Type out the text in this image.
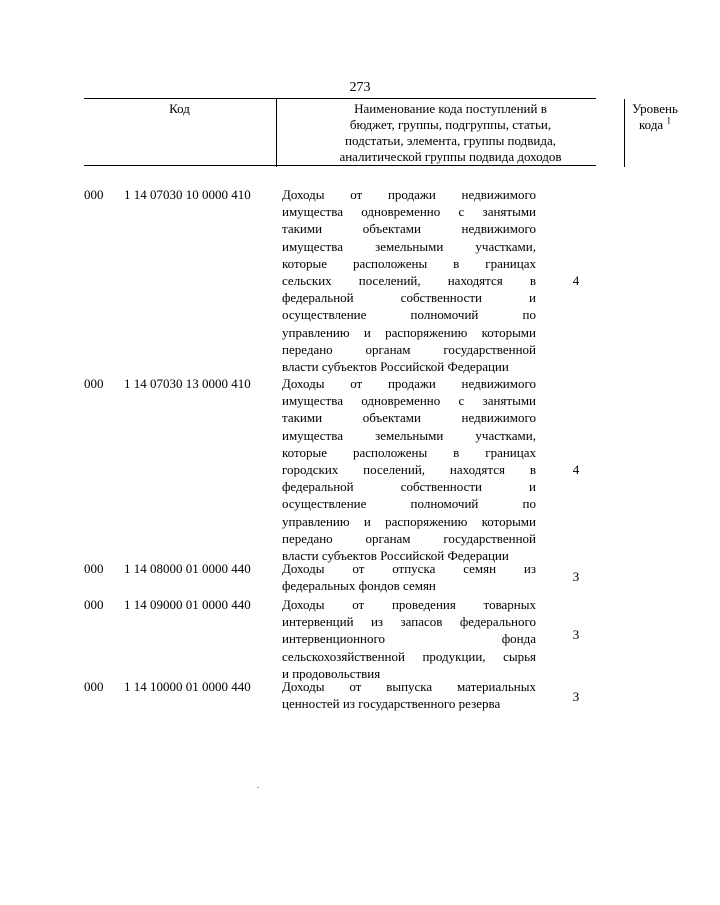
273
Код	Наименование кода поступлений в
бюджет, группы, подгруппы, статьи,
подстатьи, элемента, группы подвида,
аналитической группы подвида доходов
Уровень
кода $^1$
000	1 14 07030 10 0000 410	Доходы от продажи недвижимого
имущества одновременно с занятыми
такими объектами недвижимого
имущества земельными участками,
которые расположены в границах
сельских поселений, находятся в
федеральной собственности и
осуществление полномочий по
управлению и распоряжению которыми
передано органам государственной
власти субъектов Российской Федерации
4
000	1 14 07030 13 0000 410	Доходы от продажи недвижимого
имущества одновременно с занятыми
такими объектами недвижимого
имущества земельными участками,
которые расположены в границах
городских поселений, находятся в
федеральной собственности и
осуществление полномочий по
управлению и распоряжению которыми
передано органам государственной
власти субъектов Российской Федерации
4
000	1 14 08000 01 0000 440	Доходы от отпуска семян из
федеральных фондов семян
3
000	1 14 09000 01 0000 440	Доходы от проведения товарных
интервенций из запасов федерального
интервенционного фонда
сельскохозяйственной продукции, сырья
и продовольствия
3
000	1 14 10000 01 0000 440	Доходы от выпуска материальных
ценностей из государственного резерва	3
